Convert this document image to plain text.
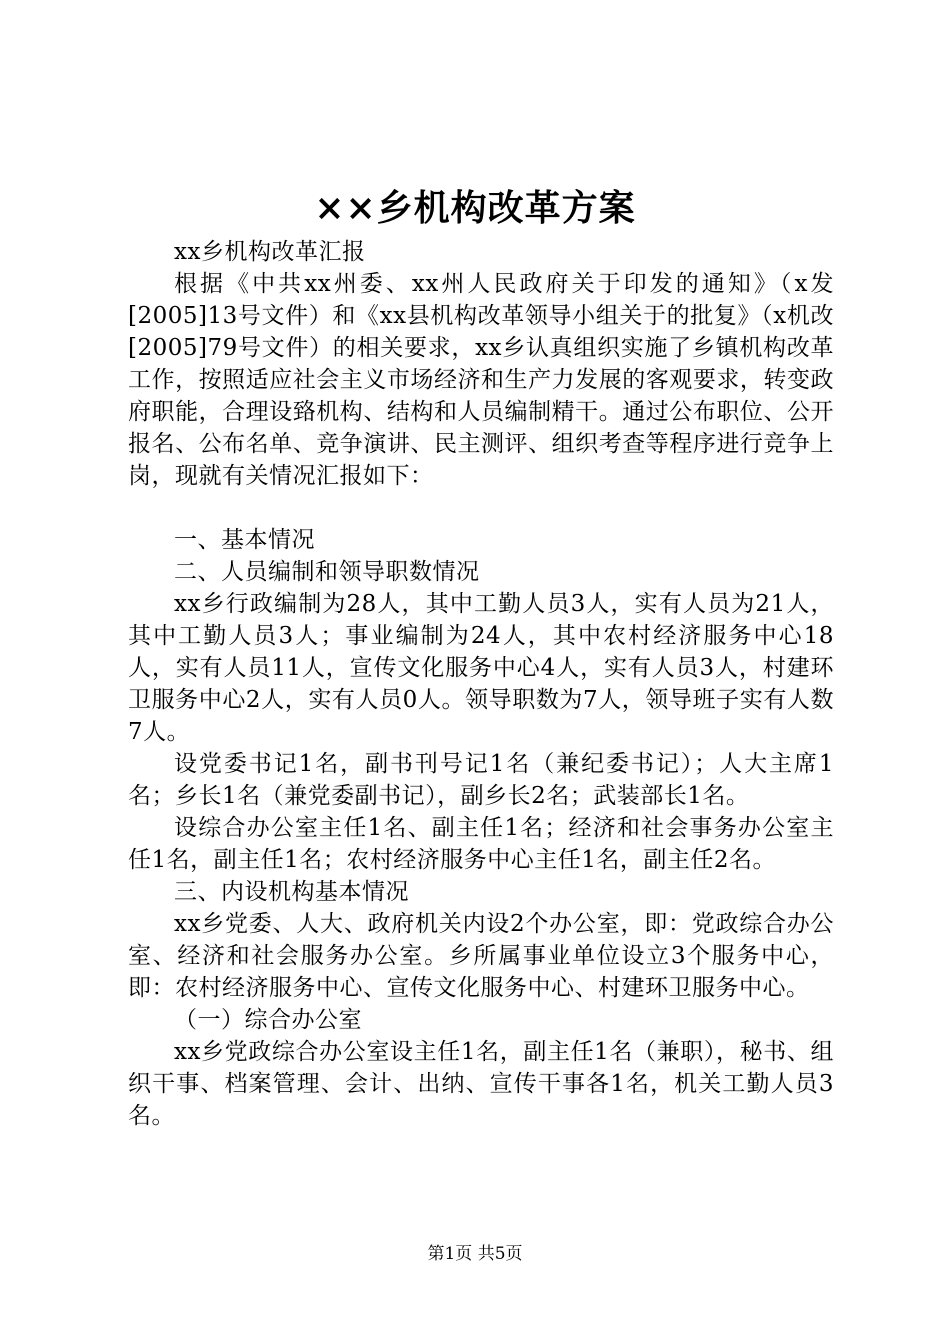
××乡机构改革方案

xx乡机构改革汇报

根据《中共xx州委、xx州人民政府关于印发的通知》（x发[2005]13号文件）和《xx县机构改革领导小组关于的批复》（x机改[2005]79号文件）的相关要求，xx乡认真组织实施了乡镇机构改革工作，按照适应社会主义市场经济和生产力发展的客观要求，转变政府职能，合理设臵机构、结构和人员编制精干。通过公布职位、公开报名、公布名单、竞争演讲、民主测评、组织考查等程序进行竞争上岗，现就有关情况汇报如下：

一、基本情况

二、人员编制和领导职数情况

xx乡行政编制为28人，其中工勤人员3人，实有人员为21人，其中工勤人员3人；事业编制为24人，其中农村经济服务中心18人，实有人员11人，宣传文化服务中心4人，实有人员3人，村建环卫服务中心2人，实有人员0人。领导职数为7人，领导班子实有人数7人。

设党委书记1名，副书刊号记1名（兼纪委书记）；人大主席1名；乡长1名（兼党委副书记），副乡长2名；武装部长1名。

设综合办公室主任1名、副主任1名；经济和社会事务办公室主任1名，副主任1名；农村经济服务中心主任1名，副主任2名。

三、内设机构基本情况

xx乡党委、人大、政府机关内设2个办公室，即：党政综合办公室、经济和社会服务办公室。乡所属事业单位设立3个服务中心，即：农村经济服务中心、宣传文化服务中心、村建环卫服务中心。

（一）综合办公室

xx乡党政综合办公室设主任1名，副主任1名（兼职），秘书、组织干事、档案管理、会计、出纳、宣传干事各1名，机关工勤人员3名。

第1页 共5页
